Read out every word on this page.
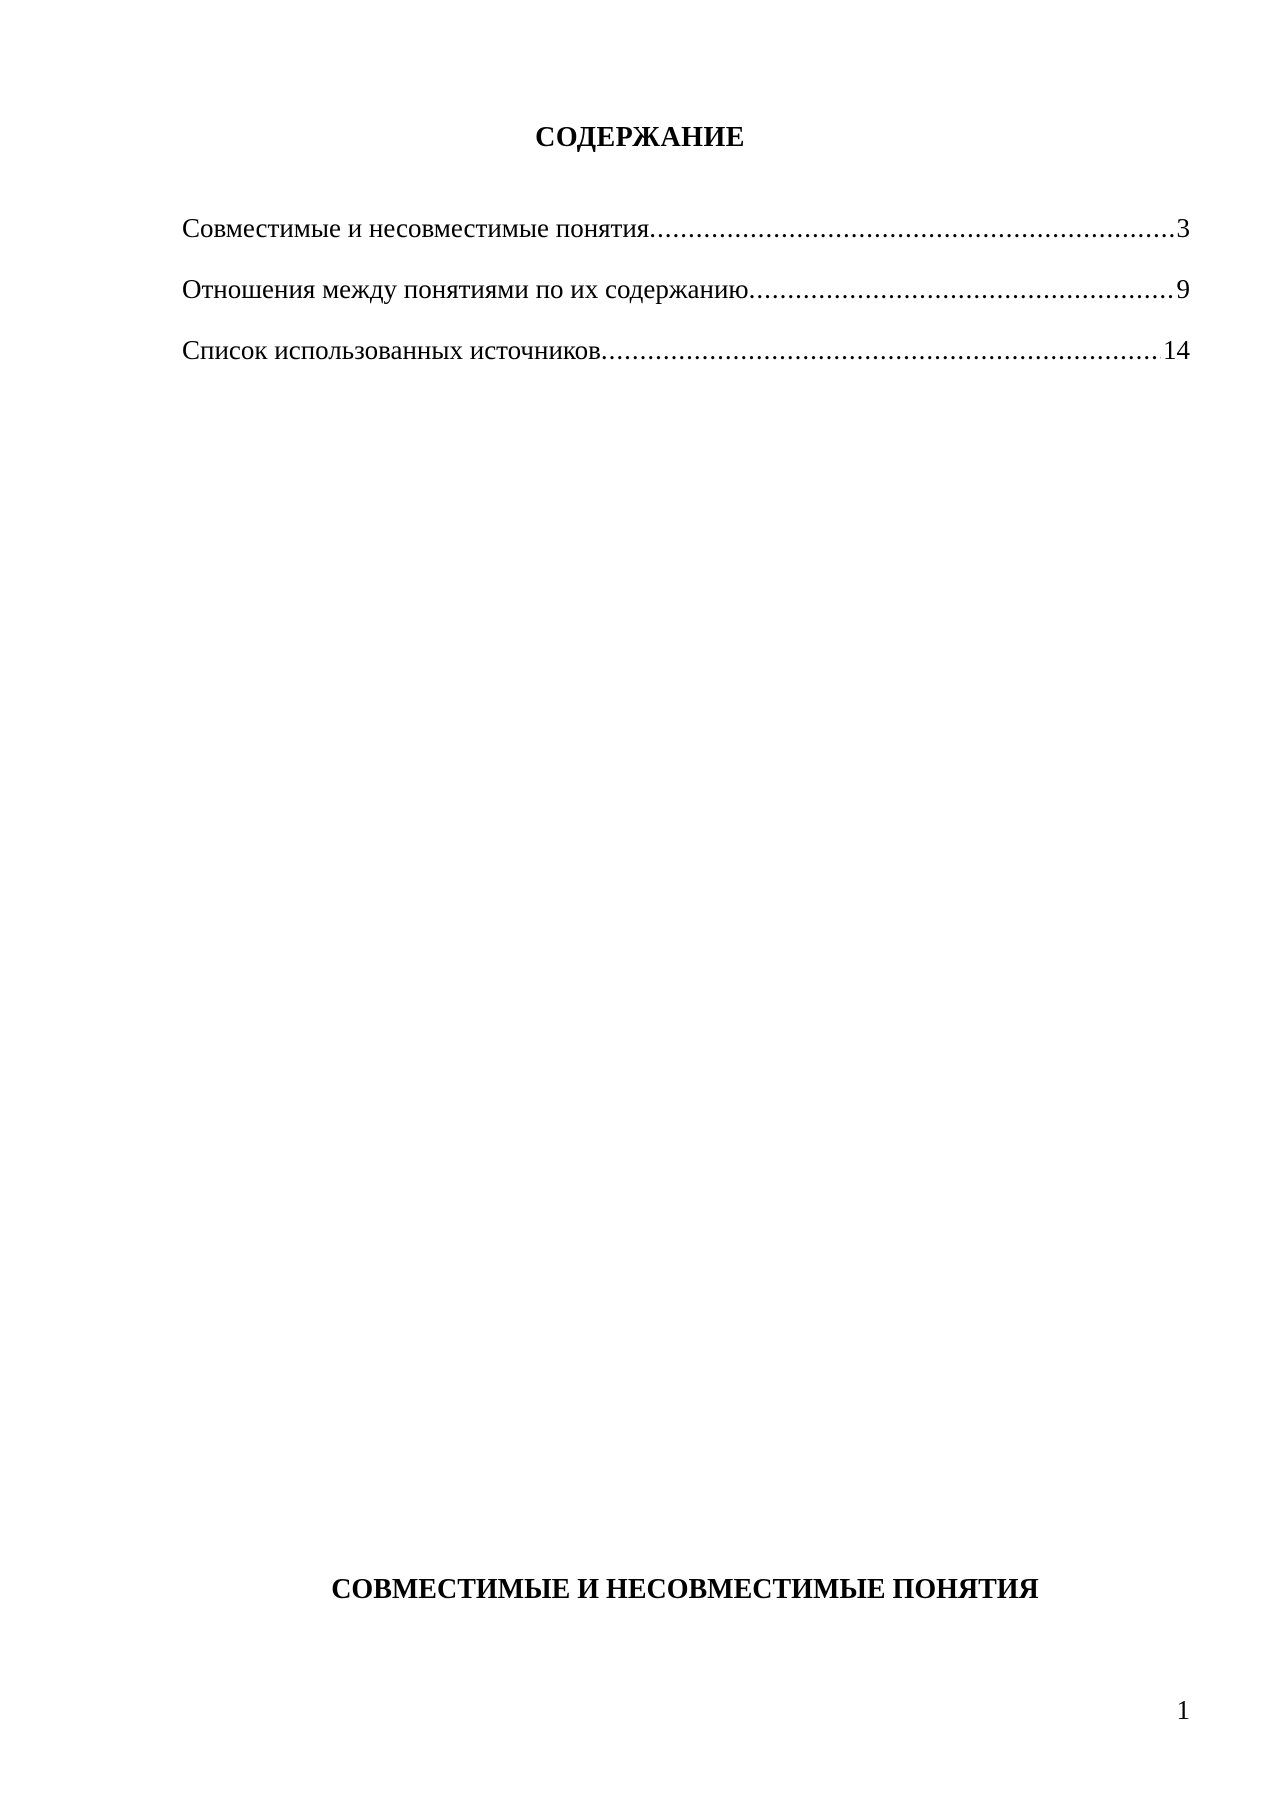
СОДЕРЖАНИЕ
Совместимые и несовместимые понятия .....	3
Отношения между понятиями по их содержанию .....	9
Список использованных источников .....	14
СОВМЕСТИМЫЕ И НЕСОВМЕСТИМЫЕ ПОНЯТИЯ
1
